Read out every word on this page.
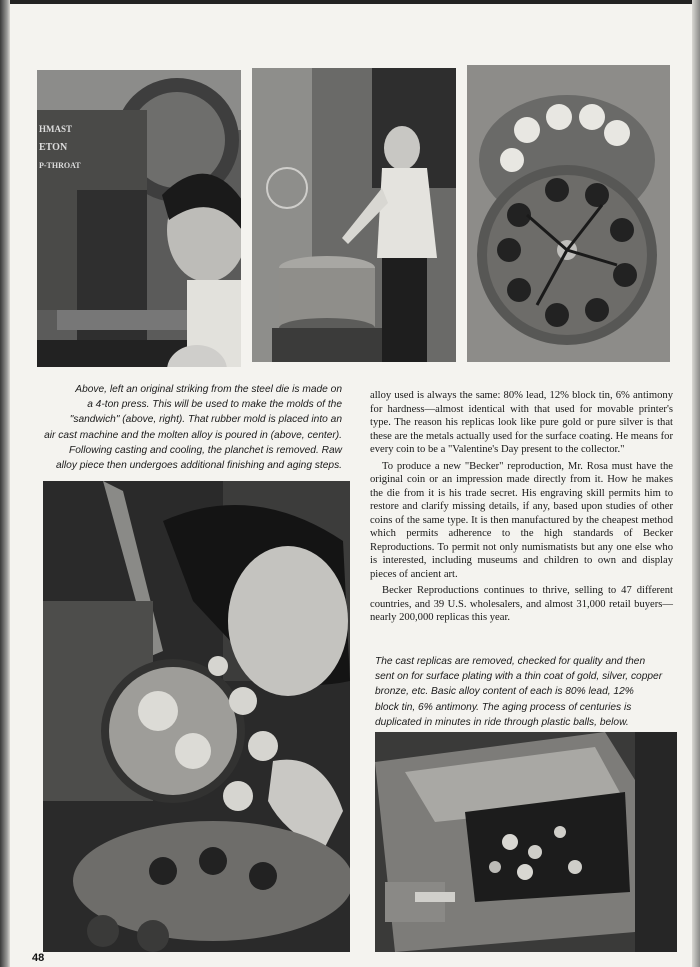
HMAST
ETON
P-THROAT

Above, left an original striking from the steel die is made on

a 4-ton press. This will be used to make the molds of the

"sandwich" (above, right). That rubber mold is placed into an

air cast machine and the molten alloy is poured in (above, center).

Following casting and cooling, the planchet is removed. Raw

alloy piece then undergoes additional finishing and aging steps.

alloy used is always the same: 80% lead, 12% block tin, 6% antimony for hardness—almost identical with that used for movable printer's type. The reason his replicas look like pure gold or pure silver is that these are the metals actually used for the surface coating. He means for every coin to be a "Valentine's Day present to the collector."

To produce a new "Becker" reproduction, Mr. Rosa must have the original coin or an impression made directly from it. How he makes the die from it is his trade secret. His engraving skill permits him to restore and clarify missing details, if any, based upon studies of other coins of the same type. It is then manufactured by the cheapest method which permits adherence to the high standards of Becker Reproductions. To permit not only numismatists but any one else who is interested, including museums and children to own and display pieces of ancient art.

Becker Reproductions continues to thrive, selling to 47 different countries, and 39 U.S. wholesalers, and almost 31,000 retail buyers—nearly 200,000 replicas this year.

The cast replicas are removed, checked for quality and then

sent on for surface plating with a thin coat of gold, silver, copper

bronze, etc. Basic alloy content of each is 80% lead, 12%

block tin, 6% antimony. The aging process of centuries is

duplicated in minutes in ride through plastic balls, below.

48
